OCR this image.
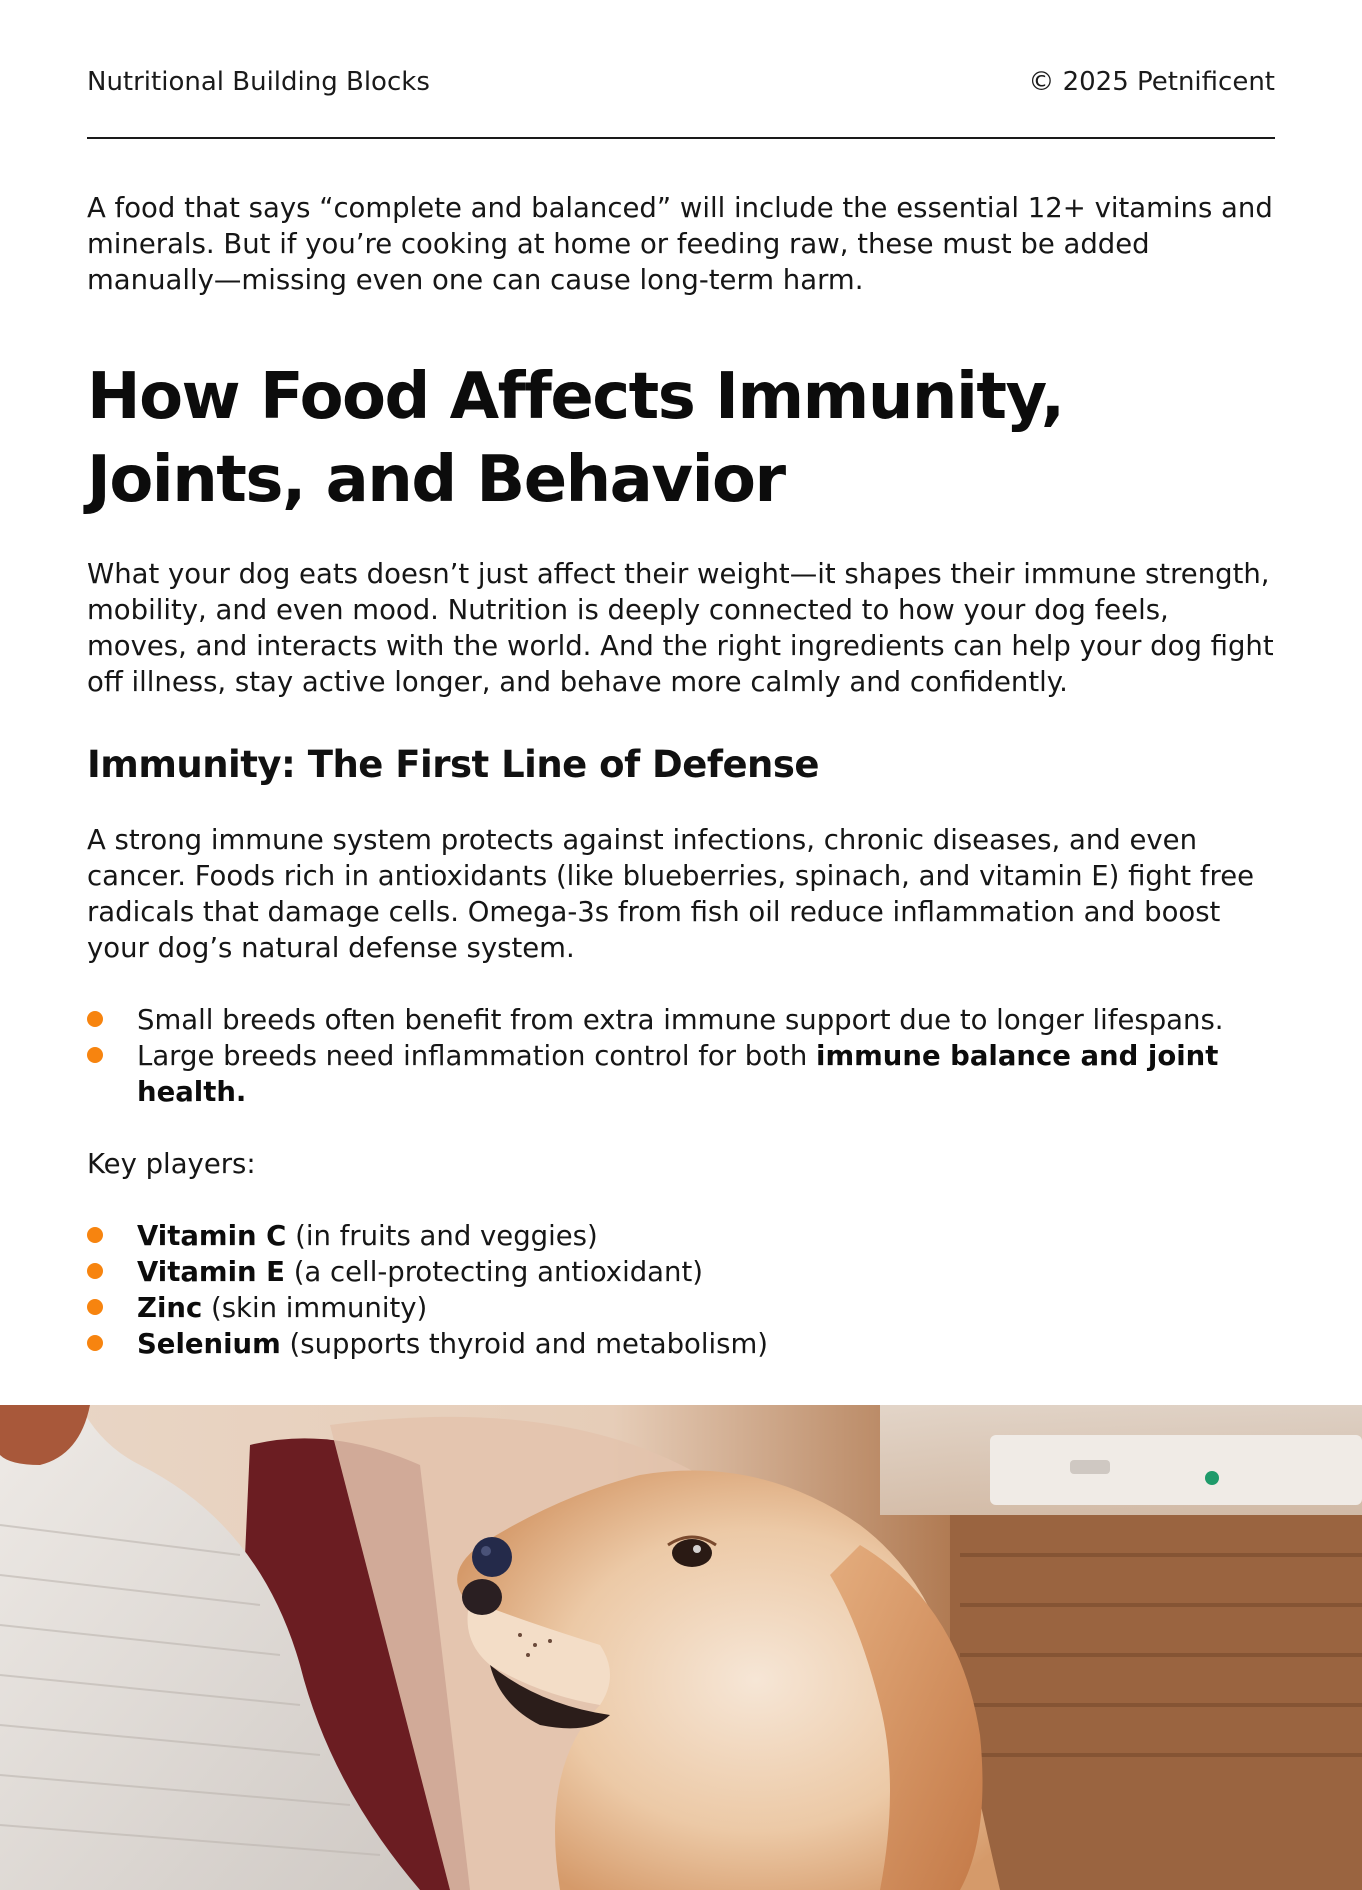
Nutritional Building Blocks	© 2025 Petnificent

A food that says “complete and balanced” will include the essential 12+ vitamins and minerals. But if you’re cooking at home or feeding raw, these must be added manually—missing even one can cause long-term harm.

How Food Affects Immunity, Joints, and Behavior

What your dog eats doesn’t just affect their weight—it shapes their immune strength, mobility, and even mood. Nutrition is deeply connected to how your dog feels, moves, and interacts with the world. And the right ingredients can help your dog fight off illness, stay active longer, and behave more calmly and confidently.

Immunity: The First Line of Defense

A strong immune system protects against infections, chronic diseases, and even cancer. Foods rich in antioxidants (like blueberries, spinach, and vitamin E) fight free radicals that damage cells. Omega-3s from fish oil reduce inflammation and boost your dog’s natural defense system.

Small breeds often benefit from extra immune support due to longer lifespans.
Large breeds need inflammation control for both immune balance and joint health.

Key players:

Vitamin C (in fruits and veggies)
Vitamin E (a cell-protecting antioxidant)
Zinc (skin immunity)
Selenium (supports thyroid and metabolism)
